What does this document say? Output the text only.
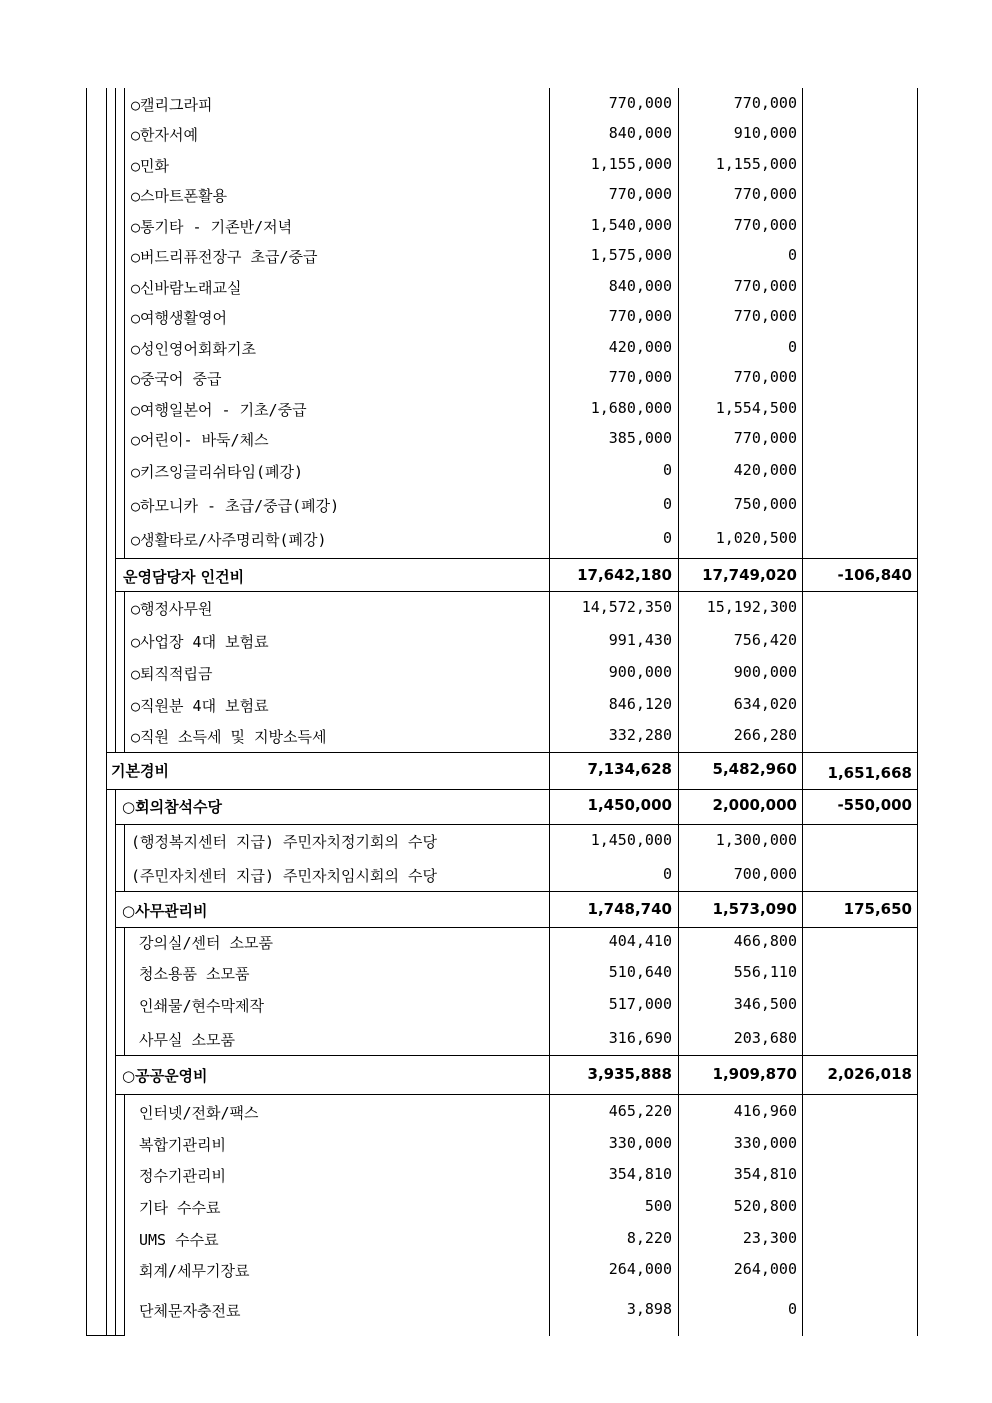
○캘리그라피	770,000	770,000
○한자서예	840,000	910,000
○민화	1,155,000	1,155,000
○스마트폰활용	770,000	770,000
○통기타 - 기존반/저녁	1,540,000	770,000
○버드리퓨전장구 초급/중급	1,575,000	0
○신바람노래교실	840,000	770,000
○여행생활영어	770,000	770,000
○성인영어회화기초	420,000	0
○중국어 중급	770,000	770,000
○여행일본어 - 기초/중급	1,680,000	1,554,500
○어린이- 바둑/체스	385,000	770,000
○키즈잉글리쉬타임(폐강)	0	420,000
○하모니카 - 초급/중급(폐강)	0	750,000
○생활타로/사주명리학(폐강)	0	1,020,500
운영담당자 인건비	17,642,180 17,749,020	-106,840
○행정사무원	14,572,350 15,192,300
○사업장 4대 보험료	991,430	756,420
○퇴직적립금	900,000	900,000
○직원분 4대 보험료	846,120	634,020
○직원 소득세 및 지방소득세	332,280	266,280
기본경비	7,134,628	5,482,960 1,651,668
○회의참석수당	1,450,000	2,000,000	-550,000
(행정복지센터 지급) 주민자치정기회의 수당	1,450,000	1,300,000
(주민자치센터 지급) 주민자치임시회의 수당	0	700,000
○사무관리비	1,748,740	1,573,090	175,650
강의실/센터 소모품	404,410	466,800
청소용품 소모품	510,640	556,110
인쇄물/현수막제작	517,000	346,500
사무실 소모품	316,690	203,680
○공공운영비	3,935,888	1,909,870 2,026,018
인터넷/전화/팩스	465,220	416,960
복합기관리비	330,000	330,000
정수기관리비	354,810	354,810
기타 수수료	500	520,800
UMS 수수료	8,220	23,300
회계/세무기장료	264,000	264,000
단체문자충전료	3,898	0
